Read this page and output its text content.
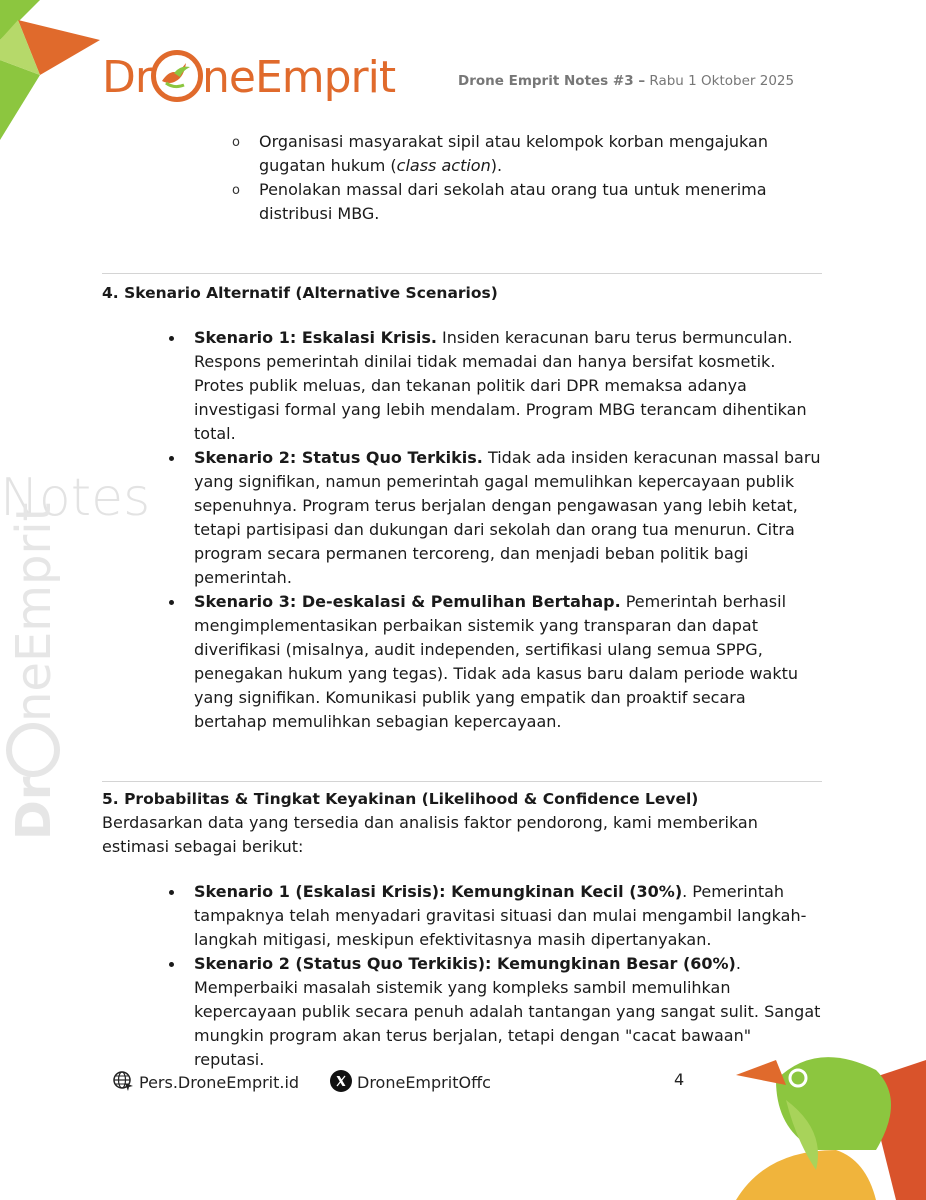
Notes
Dr
neEmprit
Dr neEmprit	Drone Emprit Notes #3 – Rabu 1 Oktober 2025
o Organisasi masyarakat sipil atau kelompok korban mengajukan gugatan hukum (class action).
o Penolakan massal dari sekolah atau orang tua untuk menerima distribusi MBG.
4. Skenario Alternatif (Alternative Scenarios)
Skenario 1: Eskalasi Krisis. Insiden keracunan baru terus bermunculan. Respons pemerintah dinilai tidak memadai dan hanya bersifat kosmetik. Protes publik meluas, dan tekanan politik dari DPR memaksa adanya investigasi formal yang lebih mendalam. Program MBG terancam dihentikan total.
Skenario 2: Status Quo Terkikis. Tidak ada insiden keracunan massal baru yang signifikan, namun pemerintah gagal memulihkan kepercayaan publik sepenuhnya. Program terus berjalan dengan pengawasan yang lebih ketat, tetapi partisipasi dan dukungan dari sekolah dan orang tua menurun. Citra program secara permanen tercoreng, dan menjadi beban politik bagi pemerintah.
Skenario 3: De-eskalasi & Pemulihan Bertahap. Pemerintah berhasil mengimplementasikan perbaikan sistemik yang transparan dan dapat diverifikasi (misalnya, audit independen, sertifikasi ulang semua SPPG, penegakan hukum yang tegas). Tidak ada kasus baru dalam periode waktu yang signifikan. Komunikasi publik yang empatik dan proaktif secara bertahap memulihkan sebagian kepercayaan.
5. Probabilitas & Tingkat Keyakinan (Likelihood & Confidence Level)
Berdasarkan data yang tersedia dan analisis faktor pendorong, kami memberikan estimasi sebagai berikut:
Skenario 1 (Eskalasi Krisis): Kemungkinan Kecil (30%). Pemerintah tampaknya telah menyadari gravitasi situasi dan mulai mengambil langkah-langkah mitigasi, meskipun efektivitasnya masih dipertanyakan.
Skenario 2 (Status Quo Terkikis): Kemungkinan Besar (60%). Memperbaiki masalah sistemik yang kompleks sambil memulihkan kepercayaan publik secara penuh adalah tantangan yang sangat sulit. Sangat mungkin program akan terus berjalan, tetapi dengan "cacat bawaan" reputasi.
Pers.DroneEmprit.id	DroneEmpritOffc	4
